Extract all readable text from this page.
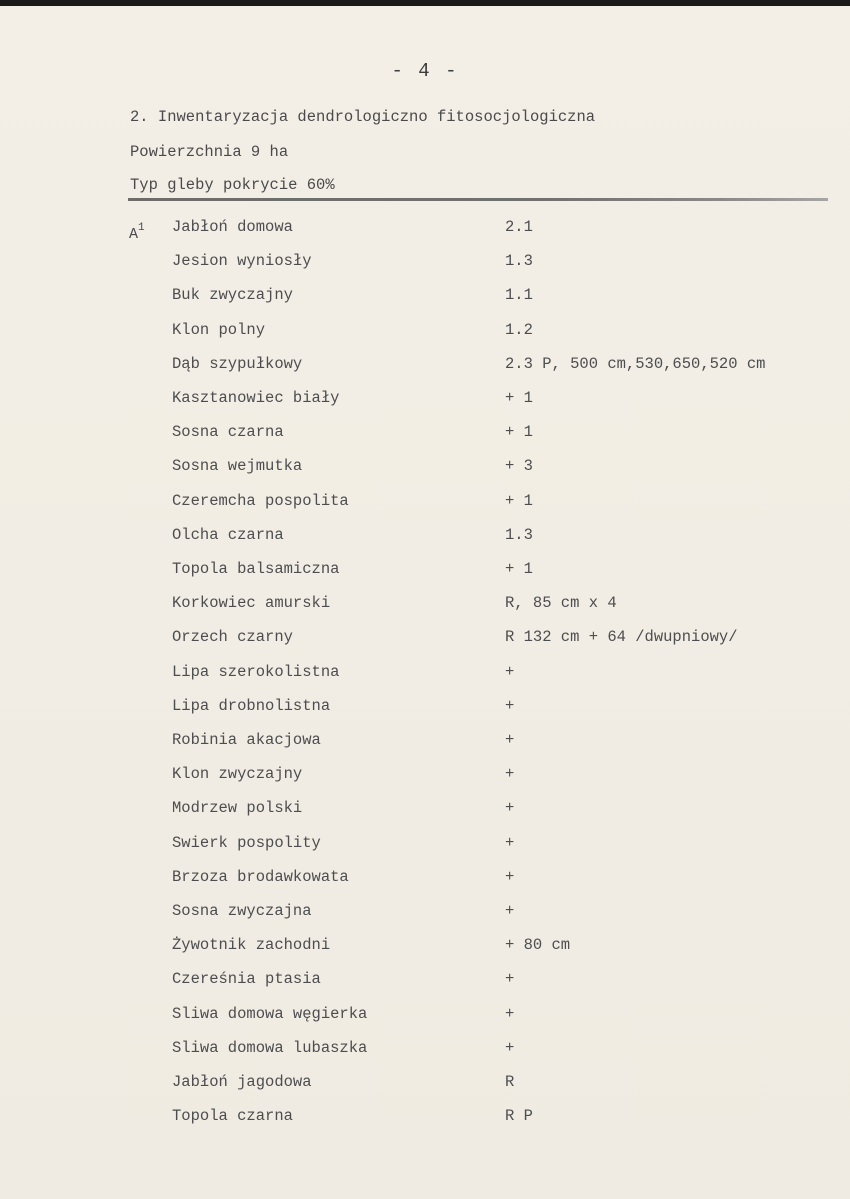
- 4 -
2. Inwentaryzacja dendrologiczno fitosocjologiczna
Powierzchnia 9 ha
Typ gleby pokrycie 60%
$A^1$ Jabłoń domowa	2.1
Jesion wyniosły	1.3
Buk zwyczajny	1.1
Klon polny	1.2
Dąb szypułkowy	2.3 P, 500 cm,530,650,520 cm
Kasztanowiec biały	+ 1
Sosna czarna	+ 1
Sosna wejmutka	+ 3
Czeremcha pospolita	+ 1
Olcha czarna	1.3
Topola balsamiczna	+ 1
Korkowiec amurski	R, 85 cm x 4
Orzech czarny	R 132 cm + 64 /dwupniowy/
Lipa szerokolistna	+
Lipa drobnolistna	+
Robinia akacjowa	+
Klon zwyczajny	+
Modrzew polski	+
Swierk pospolity	+
Brzoza brodawkowata	+
Sosna zwyczajna	+
Żywotnik zachodni	+ 80 cm
Czereśnia ptasia	+
Sliwa domowa węgierka	+
Sliwa domowa lubaszka	+
Jabłoń jagodowa	R
Topola czarna	R P
